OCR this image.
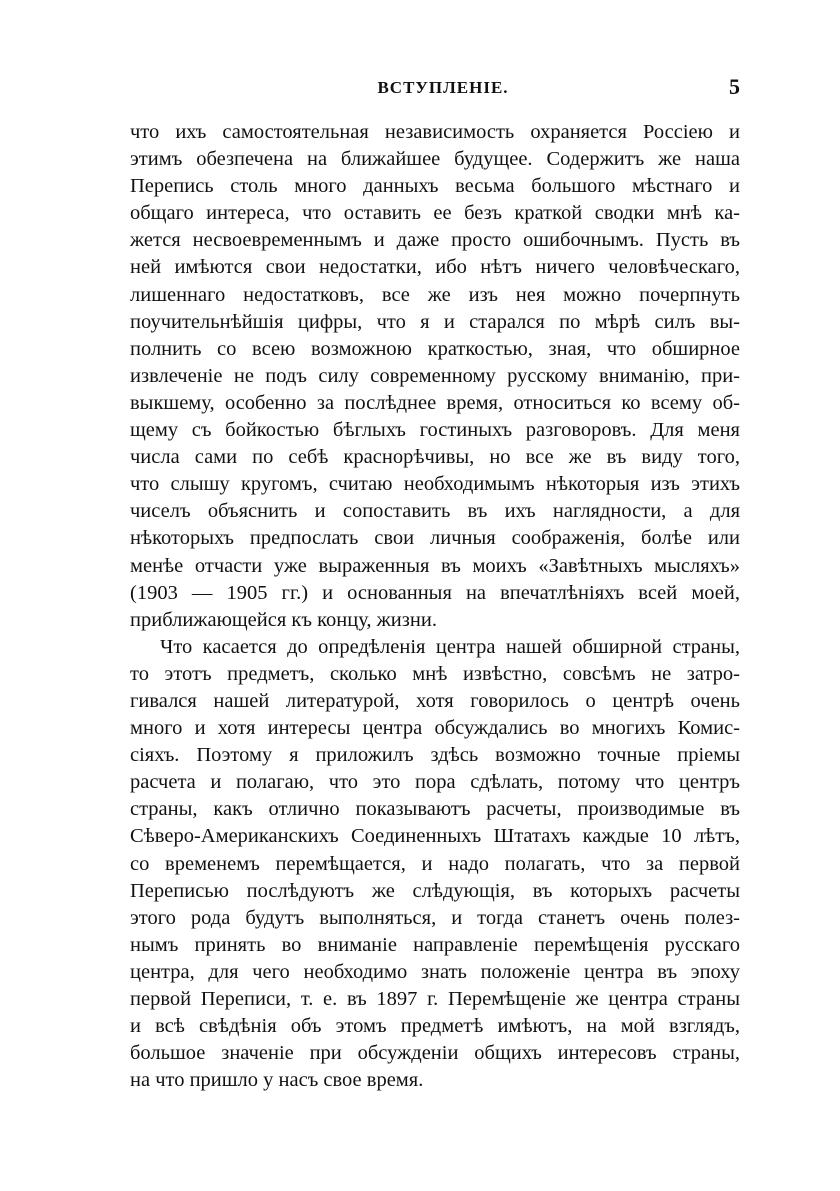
ВСТУПЛЕНІЕ.	5

что ихъ самостоятельная независимость охраняется Россіею и
этимъ обезпечена на ближайшее будущее. Содержитъ же наша
Перепись столь много данныхъ весьма большого мѣстнаго и
общаго интереса, что оставить ее безъ краткой сводки мнѣ ка-
жется несвоевременнымъ и даже просто ошибочнымъ. Пусть въ
ней имѣются свои недостатки, ибо нѣтъ ничего человѣческаго,
лишеннаго недостатковъ, все же изъ нея можно почерпнуть
поучительнѣйшія цифры, что я и старался по мѣрѣ силъ вы-
полнить со всею возможною краткостью, зная, что обширное
извлеченіе не подъ силу современному русскому вниманію, при-
выкшему, особенно за послѣднее время, относиться ко всему об-
щему съ бойкостью бѣглыхъ гостиныхъ разговоровъ. Для меня
числа сами по себѣ краснорѣчивы, но все же въ виду того,
что слышу кругомъ, считаю необходимымъ нѣкоторыя изъ этихъ
чиселъ объяснить и сопоставить въ ихъ наглядности, а для
нѣкоторыхъ предпослать свои личныя соображенія, болѣе или
менѣе отчасти уже выраженныя въ моихъ «Завѣтныхъ мысляхъ»
(1903 — 1905 гг.) и основанныя на впечатлѣніяхъ всей моей,
приближающейся къ концу, жизни.

Что касается до опредѣленія центра нашей обширной страны,
то этотъ предметъ, сколько мнѣ извѣстно, совсѣмъ не затро-
гивался нашей литературой, хотя говорилось о центрѣ очень
много и хотя интересы центра обсуждались во многихъ Комис-
сіяхъ. Поэтому я приложилъ здѣсь возможно точные пріемы
расчета и полагаю, что это пора сдѣлать, потому что центръ
страны, какъ отлично показываютъ расчеты, производимые въ
Сѣверо-Американскихъ Соединенныхъ Штатахъ каждые 10 лѣтъ,
со временемъ перемѣщается, и надо полагать, что за первой
Переписью послѣдуютъ же слѣдующія, въ которыхъ расчеты
этого рода будутъ выполняться, и тогда станетъ очень полез-
нымъ принять во вниманіе направленіе перемѣщенія русскаго
центра, для чего необходимо знать положеніе центра въ эпоху
первой Переписи, т. е. въ 1897 г. Перемѣщеніе же центра страны
и всѣ свѣдѣнія объ этомъ предметѣ имѣютъ, на мой взглядъ,
большое значеніе при обсужденіи общихъ интересовъ страны,
на что пришло у насъ свое время.
